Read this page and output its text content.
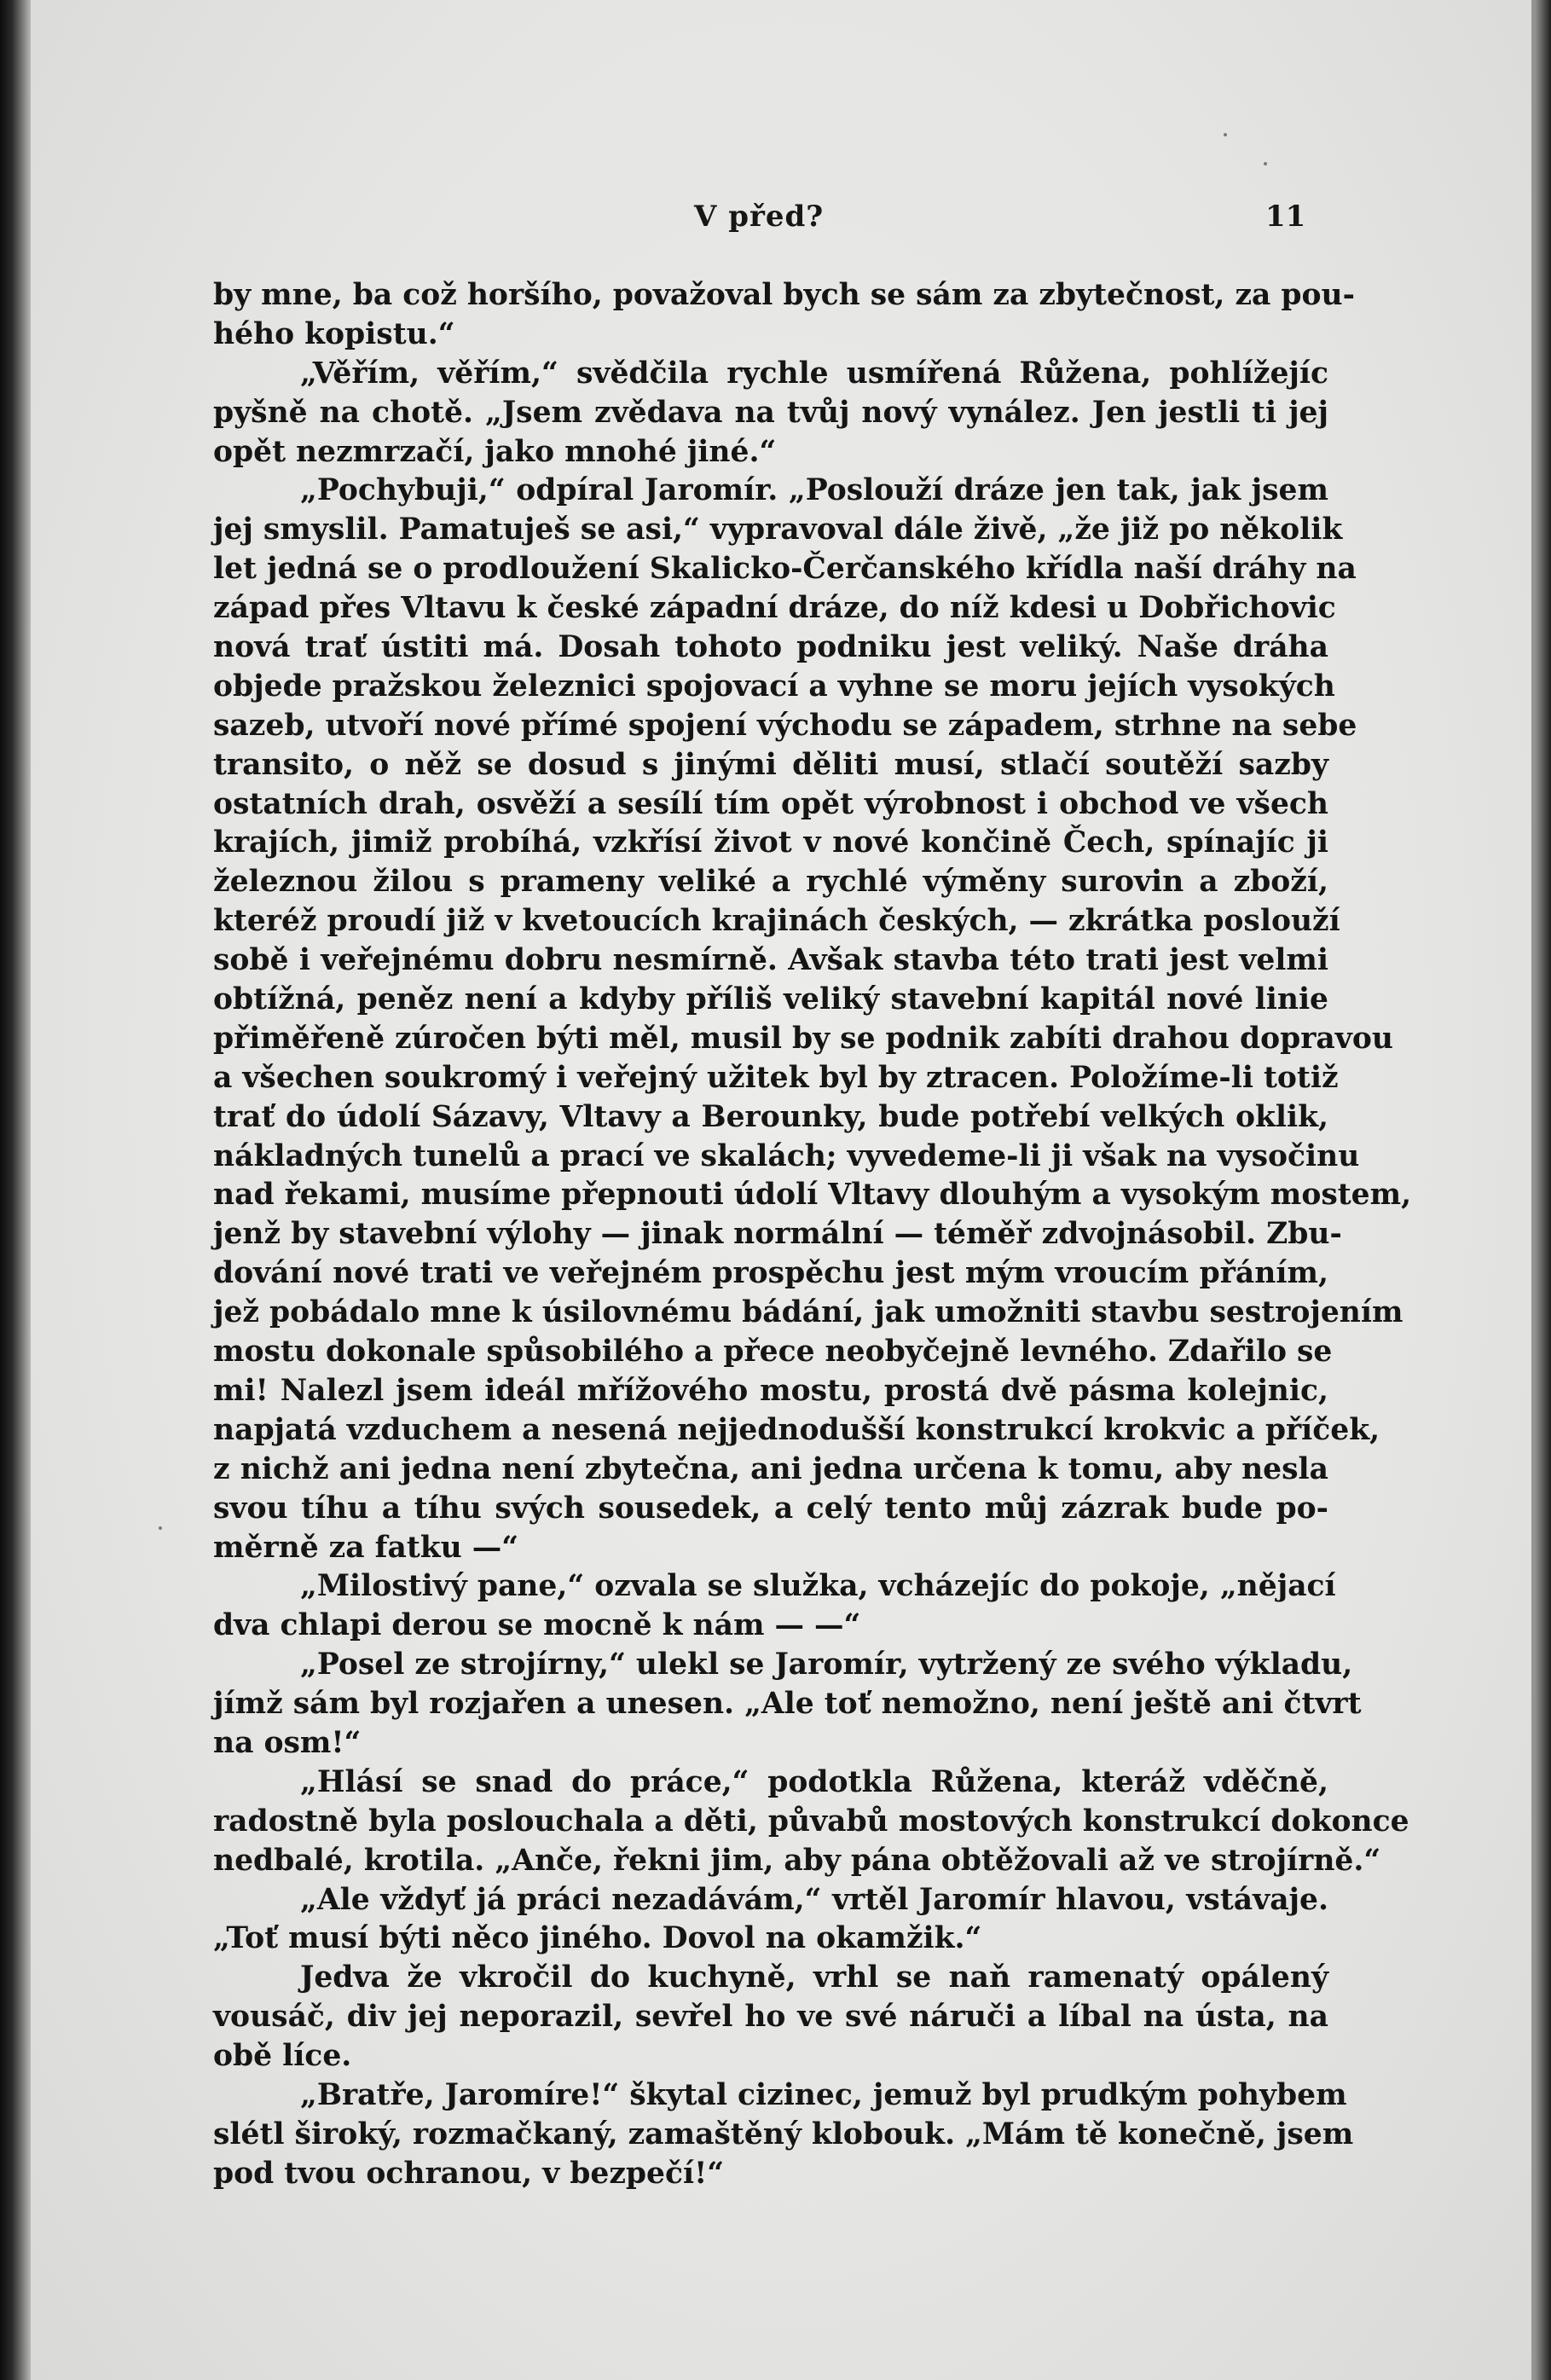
V před?	11
by mne, ba což horšího, považoval bych se sám za zbytečnost, za pou-
hého kopistu.“
„Věřím, věřím,“ svědčila rychle usmířená Růžena, pohlížejíc
pyšně na chotě. „Jsem zvědava na tvůj nový vynález. Jen jestli ti jej
opět nezmrzačí, jako mnohé jiné.“
„Pochybuji,“ odpíral Jaromír. „Poslouží dráze jen tak, jak jsem
jej smyslil. Pamatuješ se asi,“ vypravoval dále živě, „že již po několik
let jedná se o prodloužení Skalicko-Čerčanského křídla naší dráhy na
západ přes Vltavu k české západní dráze, do níž kdesi u Dobřichovic
nová trať ústiti má. Dosah tohoto podniku jest veliký. Naše dráha
objede pražskou železnici spojovací a vyhne se moru jejích vysokých
sazeb, utvoří nové přímé spojení východu se západem, strhne na sebe
transito, o něž se dosud s jinými děliti musí, stlačí soutěží sazby
ostatních drah, osvěží a sesílí tím opět výrobnost i obchod ve všech
krajích, jimiž probíhá, vzkřísí život v nové končině Čech, spínajíc ji
železnou žilou s prameny veliké a rychlé výměny surovin a zboží,
kteréž proudí již v kvetoucích krajinách českých, — zkrátka poslouží
sobě i veřejnému dobru nesmírně. Avšak stavba této trati jest velmi
obtížná, peněz není a kdyby příliš veliký stavební kapitál nové linie
přiměřeně zúročen býti měl, musil by se podnik zabíti drahou dopravou
a všechen soukromý i veřejný užitek byl by ztracen. Položíme-li totiž
trať do údolí Sázavy, Vltavy a Berounky, bude potřebí velkých oklik,
nákladných tunelů a prací ve skalách; vyvedeme-li ji však na vysočinu
nad řekami, musíme přepnouti údolí Vltavy dlouhým a vysokým mostem,
jenž by stavební výlohy — jinak normální — téměř zdvojnásobil. Zbu-
dování nové trati ve veřejném prospěchu jest mým vroucím přáním,
jež pobádalo mne k úsilovnému bádání, jak umožniti stavbu sestrojením
mostu dokonale spůsobilého a přece neobyčejně levného. Zdařilo se
mi! Nalezl jsem ideál mřížového mostu, prostá dvě pásma kolejnic,
napjatá vzduchem a nesená nejjednodušší konstrukcí krokvic a příček,
z nichž ani jedna není zbytečna, ani jedna určena k tomu, aby nesla
svou tíhu a tíhu svých sousedek, a celý tento můj zázrak bude po-
měrně za fatku —“
„Milostivý pane,“ ozvala se služka, vcházejíc do pokoje, „nějací
dva chlapi derou se mocně k nám — —“
„Posel ze strojírny,“ ulekl se Jaromír, vytržený ze svého výkladu,
jímž sám byl rozjařen a unesen. „Ale toť nemožno, není ještě ani čtvrt
na osm!“
„Hlásí se snad do práce,“ podotkla Růžena, kteráž vděčně,
radostně byla poslouchala a děti, půvabů mostových konstrukcí dokonce
nedbalé, krotila. „Anče, řekni jim, aby pána obtěžovali až ve strojírně.“
„Ale vždyť já práci nezadávám,“ vrtěl Jaromír hlavou, vstávaje.
„Toť musí býti něco jiného. Dovol na okamžik.“
Jedva že vkročil do kuchyně, vrhl se naň ramenatý opálený
vousáč, div jej neporazil, sevřel ho ve své náruči a líbal na ústa, na
obě líce.
„Bratře, Jaromíre!“ škytal cizinec, jemuž byl prudkým pohybem
slétl široký, rozmačkaný, zamaštěný klobouk. „Mám tě konečně, jsem
pod tvou ochranou, v bezpečí!“
